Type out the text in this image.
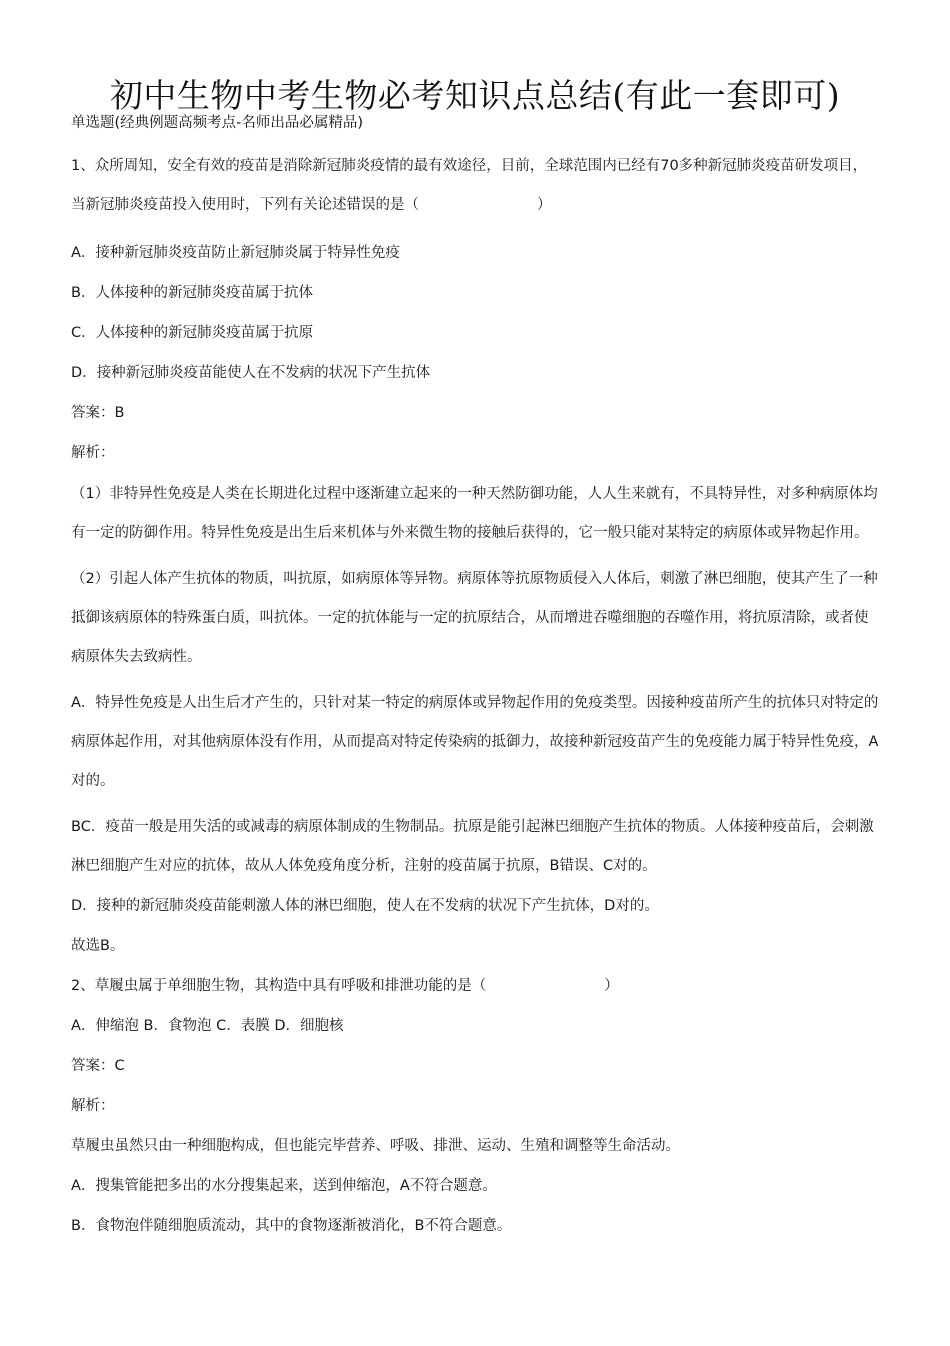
初中生物中考生物必考知识点总结(有此一套即可)
单选题(经典例题高频考点-名师出品必属精品)
1、众所周知，安全有效的疫苗是消除新冠肺炎疫情的最有效途径，目前，全球范围内已经有70多种新冠肺炎疫苗研发项目，当新冠肺炎疫苗投入使用时，下列有关论述错误的是（	）
A．接种新冠肺炎疫苗防止新冠肺炎属于特异性免疫
B．人体接种的新冠肺炎疫苗属于抗体
C．人体接种的新冠肺炎疫苗属于抗原
D．接种新冠肺炎疫苗能使人在不发病的状况下产生抗体
答案：B
解析：
（1）非特异性免疫是人类在长期进化过程中逐渐建立起来的一种天然防御功能，人人生来就有，不具特异性，对多种病原体均有一定的防御作用。特异性免疫是出生后来机体与外来微生物的接触后获得的，它一般只能对某特定的病原体或异物起作用。
（2）引起人体产生抗体的物质，叫抗原，如病原体等异物。病原体等抗原物质侵入人体后，刺激了淋巴细胞，使其产生了一种抵御该病原体的特殊蛋白质，叫抗体。一定的抗体能与一定的抗原结合，从而增进吞噬细胞的吞噬作用，将抗原清除，或者使病原体失去致病性。
A．特异性免疫是人出生后才产生的，只针对某一特定的病原体或异物起作用的免疫类型。因接种疫苗所产生的抗体只对特定的病原体起作用，对其他病原体没有作用，从而提高对特定传染病的抵御力，故接种新冠疫苗产生的免疫能力属于特异性免疫，A对的。
BC．疫苗一般是用失活的或减毒的病原体制成的生物制品。抗原是能引起淋巴细胞产生抗体的物质。人体接种疫苗后，会刺激淋巴细胞产生对应的抗体，故从人体免疫角度分析，注射的疫苗属于抗原，B错误、C对的。
D．接种的新冠肺炎疫苗能刺激人体的淋巴细胞，使人在不发病的状况下产生抗体，D对的。
故选B。
2、草履虫属于单细胞生物，其构造中具有呼吸和排泄功能的是（	）
A．伸缩泡 B．食物泡 C．表膜 D．细胞核
答案：C
解析：
草履虫虽然只由一种细胞构成，但也能完毕营养、呼吸、排泄、运动、生殖和调整等生命活动。
A．搜集管能把多出的水分搜集起来，送到伸缩泡，A不符合题意。
B．食物泡伴随细胞质流动，其中的食物逐渐被消化，B不符合题意。
